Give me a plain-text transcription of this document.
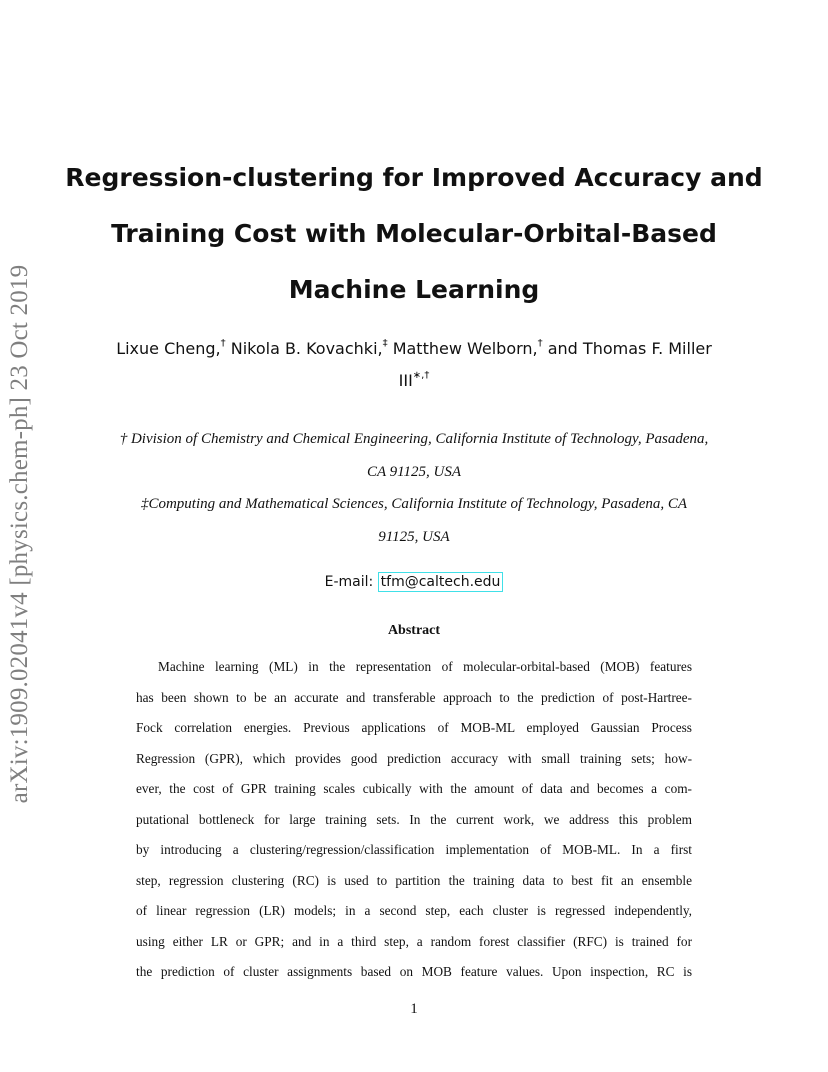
arXiv:1909.02041v4 [physics.chem-ph] 23 Oct 2019
Regression-clustering for Improved Accuracy and
Training Cost with Molecular-Orbital-Based
Machine Learning
Lixue Cheng,† Nikola B. Kovachki,‡ Matthew Welborn,† and Thomas F. Miller
III∗,†
† Division of Chemistry and Chemical Engineering, California Institute of Technology, Pasadena,
CA 91125, USA
‡Computing and Mathematical Sciences, California Institute of Technology, Pasadena, CA
91125, USA
E-mail: tfm@caltech.edu
Abstract
Machine learning (ML) in the representation of molecular-orbital-based (MOB) features
has been shown to be an accurate and transferable approach to the prediction of post-Hartree-
Fock correlation energies. Previous applications of MOB-ML employed Gaussian Process
Regression (GPR), which provides good prediction accuracy with small training sets; how-
ever, the cost of GPR training scales cubically with the amount of data and becomes a com-
putational bottleneck for large training sets. In the current work, we address this problem
by introducing a clustering/regression/classification implementation of MOB-ML. In a first
step, regression clustering (RC) is used to partition the training data to best fit an ensemble
of linear regression (LR) models; in a second step, each cluster is regressed independently,
using either LR or GPR; and in a third step, a random forest classifier (RFC) is trained for
the prediction of cluster assignments based on MOB feature values. Upon inspection, RC is
1
